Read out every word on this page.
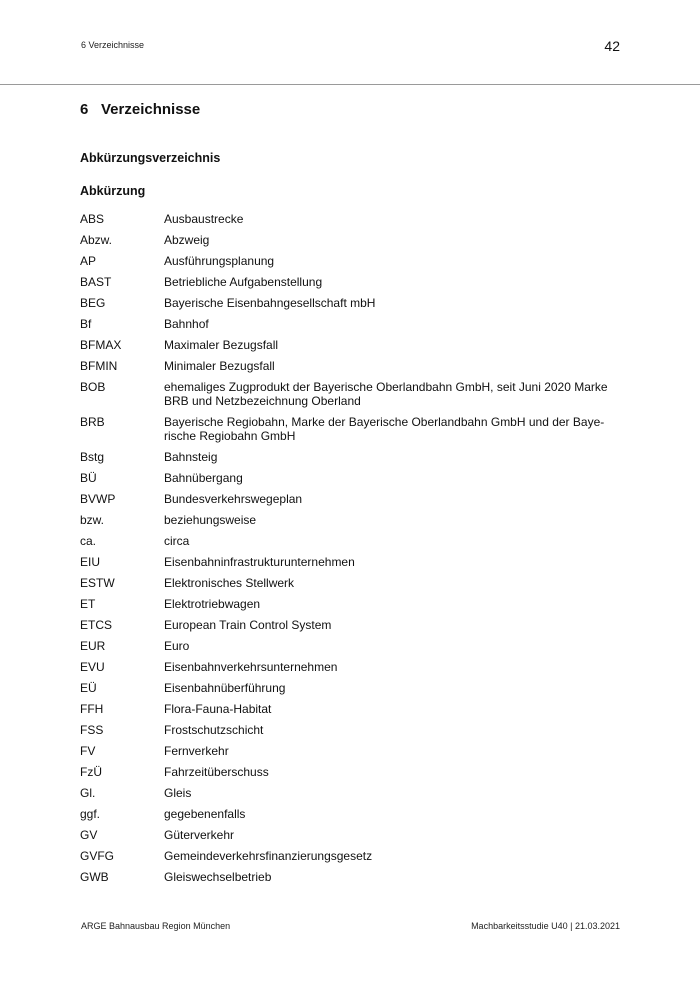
6 Verzeichnisse	42
6 Verzeichnisse
Abkürzungsverzeichnis
Abkürzung
ABS	Ausbaustrecke
Abzw.	Abzweig
AP	Ausführungsplanung
BAST	Betriebliche Aufgabenstellung
BEG	Bayerische Eisenbahngesellschaft mbH
Bf	Bahnhof
BFMAX	Maximaler Bezugsfall
BFMIN	Minimaler Bezugsfall
BOB	ehemaliges Zugprodukt der Bayerische Oberlandbahn GmbH, seit Juni 2020 Marke BRB und Netzbezeichnung Oberland
BRB	Bayerische Regiobahn, Marke der Bayerische Oberlandbahn GmbH und der Baye-rische Regiobahn GmbH
Bstg	Bahnsteig
BÜ	Bahnübergang
BVWP	Bundesverkehrswegeplan
bzw.	beziehungsweise
ca.	circa
EIU	Eisenbahninfrastrukturunternehmen
ESTW	Elektronisches Stellwerk
ET	Elektrotriebwagen
ETCS	European Train Control System
EUR	Euro
EVU	Eisenbahnverkehrsunternehmen
EÜ	Eisenbahnüberführung
FFH	Flora-Fauna-Habitat
FSS	Frostschutzschicht
FV	Fernverkehr
FzÜ	Fahrzeitüberschuss
Gl.	Gleis
ggf.	gegebenenfalls
GV	Güterverkehr
GVFG	Gemeindeverkehrsfinanzierungsgesetz
GWB	Gleiswechselbetrieb
ARGE Bahnausbau Region München	Machbarkeitsstudie U40 | 21.03.2021
